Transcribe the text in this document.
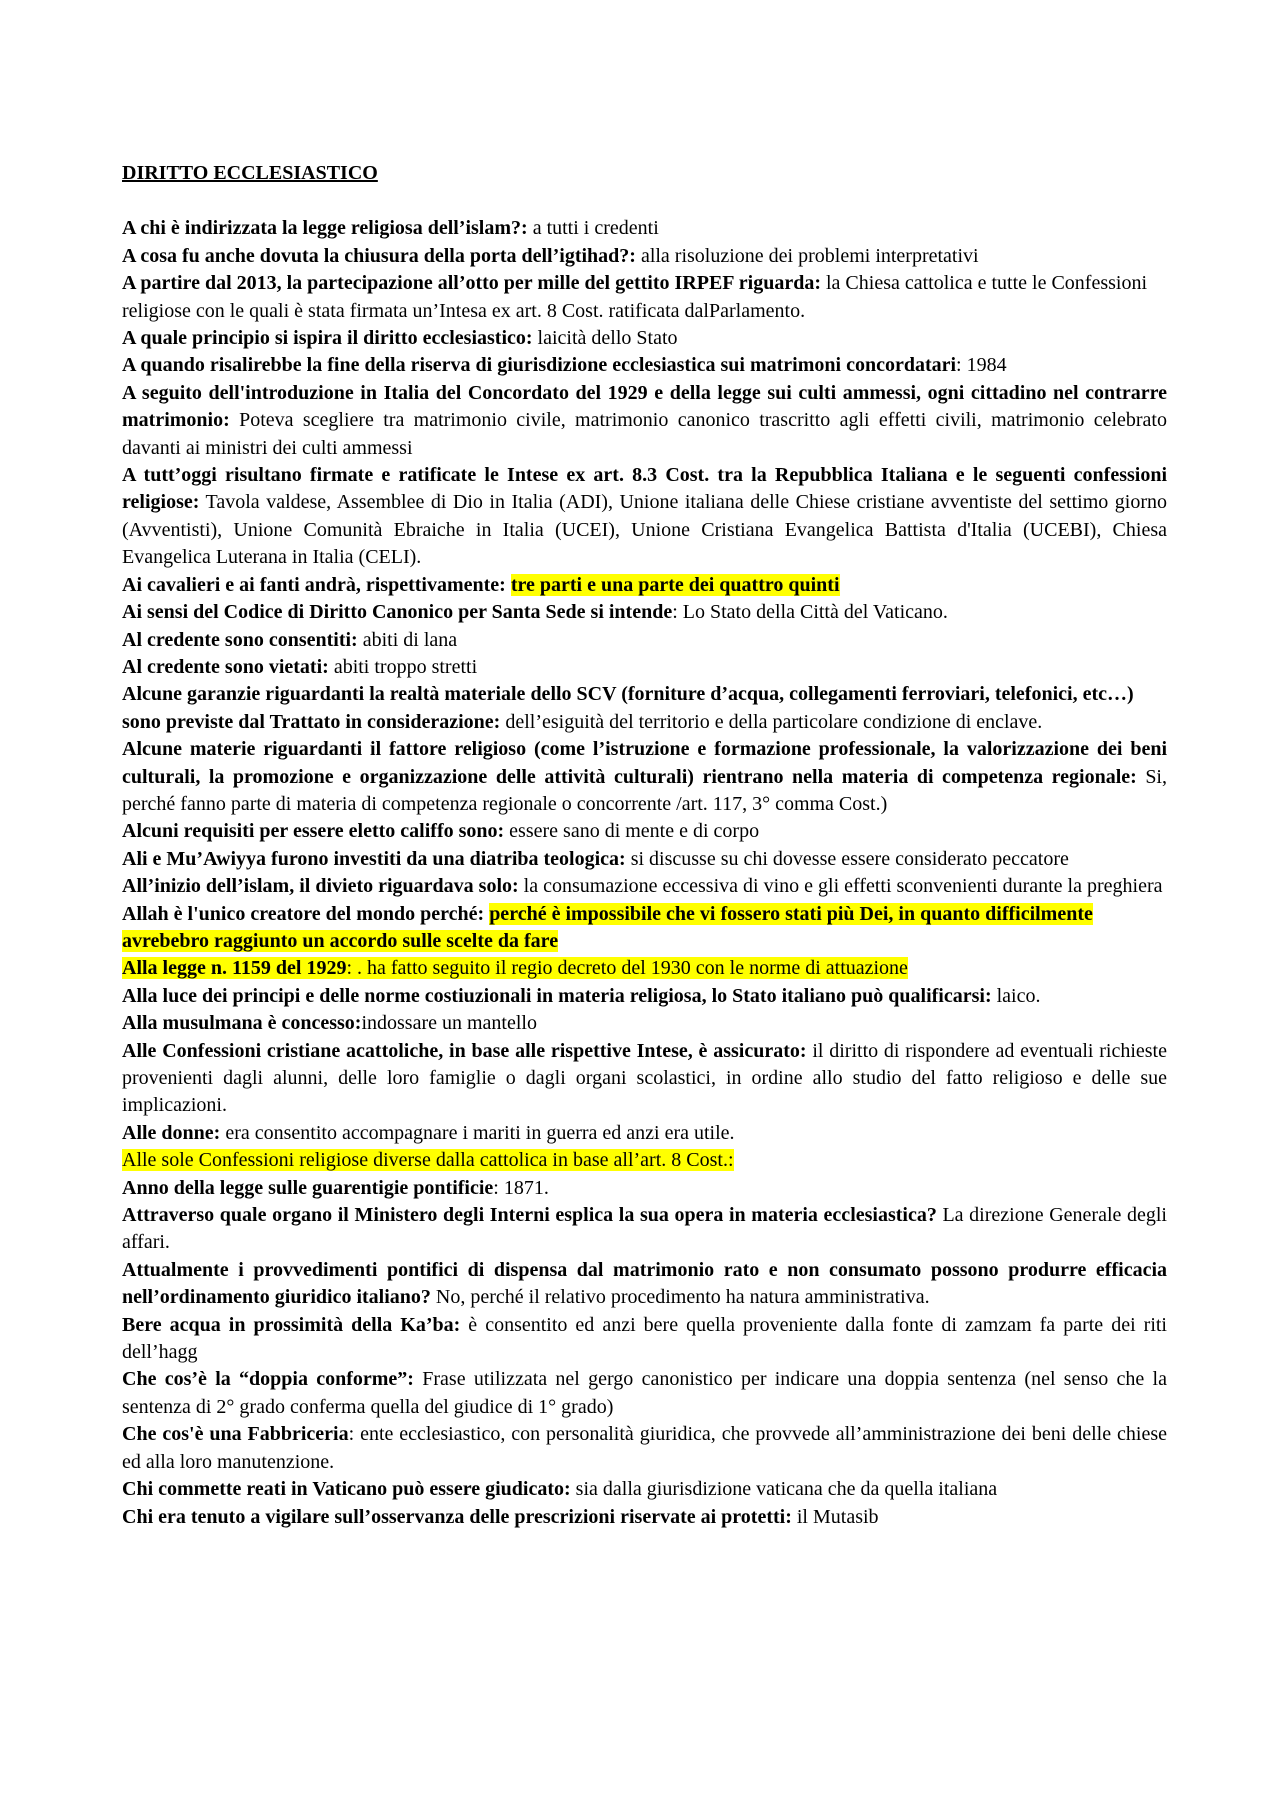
DIRITTO ECCLESIASTICO

A chi è indirizzata la legge religiosa dell’islam?: a tutti i credenti

A cosa fu anche dovuta la chiusura della porta dell’igtihad?: alla risoluzione dei problemi interpretativi

A partire dal 2013, la partecipazione all’otto per mille del gettito IRPEF riguarda: la Chiesa cattolica e tutte le Confessioni religiose con le quali è stata firmata un’Intesa ex art. 8 Cost. ratificata dalParlamento.

A quale principio si ispira il diritto ecclesiastico: laicità dello Stato

A quando risalirebbe la fine della riserva di giurisdizione ecclesiastica sui matrimoni concordatari: 1984

A seguito dell'introduzione in Italia del Concordato del 1929 e della legge sui culti ammessi, ogni cittadino nel contrarre matrimonio: Poteva scegliere tra matrimonio civile, matrimonio canonico trascritto agli effetti civili, matrimonio celebrato davanti ai ministri dei culti ammessi

A tutt’oggi risultano firmate e ratificate le Intese ex art. 8.3 Cost. tra la Repubblica Italiana e le seguenti confessioni religiose: Tavola valdese, Assemblee di Dio in Italia (ADI), Unione italiana delle Chiese cristiane avventiste del settimo giorno (Avventisti), Unione Comunità Ebraiche in Italia (UCEI), Unione Cristiana Evangelica Battista d'Italia (UCEBI), Chiesa Evangelica Luterana in Italia (CELI).

Ai cavalieri e ai fanti andrà, rispettivamente: tre parti e una parte dei quattro quinti

Ai sensi del Codice di Diritto Canonico per Santa Sede si intende: Lo Stato della Città del Vaticano.

Al credente sono consentiti: abiti di lana

Al credente sono vietati: abiti troppo stretti

Alcune garanzie riguardanti la realtà materiale dello SCV (forniture d’acqua, collegamenti ferroviari, telefonici, etc…) sono previste dal Trattato in considerazione: dell’esiguità del territorio e della particolare condizione di enclave.

Alcune materie riguardanti il fattore religioso (come l’istruzione e formazione professionale, la valorizzazione dei beni culturali, la promozione e organizzazione delle attività culturali) rientrano nella materia di competenza regionale: Si, perché fanno parte di materia di competenza regionale o concorrente /art. 117, 3° comma Cost.)

Alcuni requisiti per essere eletto califfo sono: essere sano di mente e di corpo

Ali e Mu’Awiyya furono investiti da una diatriba teologica: si discusse su chi dovesse essere considerato peccatore

All’inizio dell’islam, il divieto riguardava solo: la consumazione eccessiva di vino e gli effetti sconvenienti durante la preghiera

Allah è l'unico creatore del mondo perché: perché è impossibile che vi fossero stati più Dei, in quanto difficilmente avrebebro raggiunto un accordo sulle scelte da fare

Alla legge n. 1159 del 1929: . ha fatto seguito il regio decreto del 1930 con le norme di attuazione

Alla luce dei principi e delle norme costiuzionali in materia religiosa, lo Stato italiano può qualificarsi: laico.

Alla musulmana è concesso:indossare un mantello

Alle Confessioni cristiane acattoliche, in base alle rispettive Intese, è assicurato: il diritto di rispondere ad eventuali richieste provenienti dagli alunni, delle loro famiglie o dagli organi scolastici, in ordine allo studio del fatto religioso e delle sue implicazioni.

Alle donne: era consentito accompagnare i mariti in guerra ed anzi era utile.

Alle sole Confessioni religiose diverse dalla cattolica in base all’art. 8 Cost.:

Anno della legge sulle guarentigie pontificie: 1871.

Attraverso quale organo il Ministero degli Interni esplica la sua opera in materia ecclesiastica? La direzione Generale degli affari.

Attualmente i provvedimenti pontifici di dispensa dal matrimonio rato e non consumato possono produrre efficacia nell’ordinamento giuridico italiano? No, perché il relativo procedimento ha natura amministrativa.

Bere acqua in prossimità della Ka’ba: è consentito ed anzi bere quella proveniente dalla fonte di zamzam fa parte dei riti dell’hagg

Che cos’è la “doppia conforme”: Frase utilizzata nel gergo canonistico per indicare una doppia sentenza (nel senso che la sentenza di 2° grado conferma quella del giudice di 1° grado)

Che cos'è una Fabbriceria: ente ecclesiastico, con personalità giuridica, che provvede all’amministrazione dei beni delle chiese ed alla loro manutenzione.

Chi commette reati in Vaticano può essere giudicato: sia dalla giurisdizione vaticana che da quella italiana

Chi era tenuto a vigilare sull’osservanza delle prescrizioni riservate ai protetti: il Mutasib
